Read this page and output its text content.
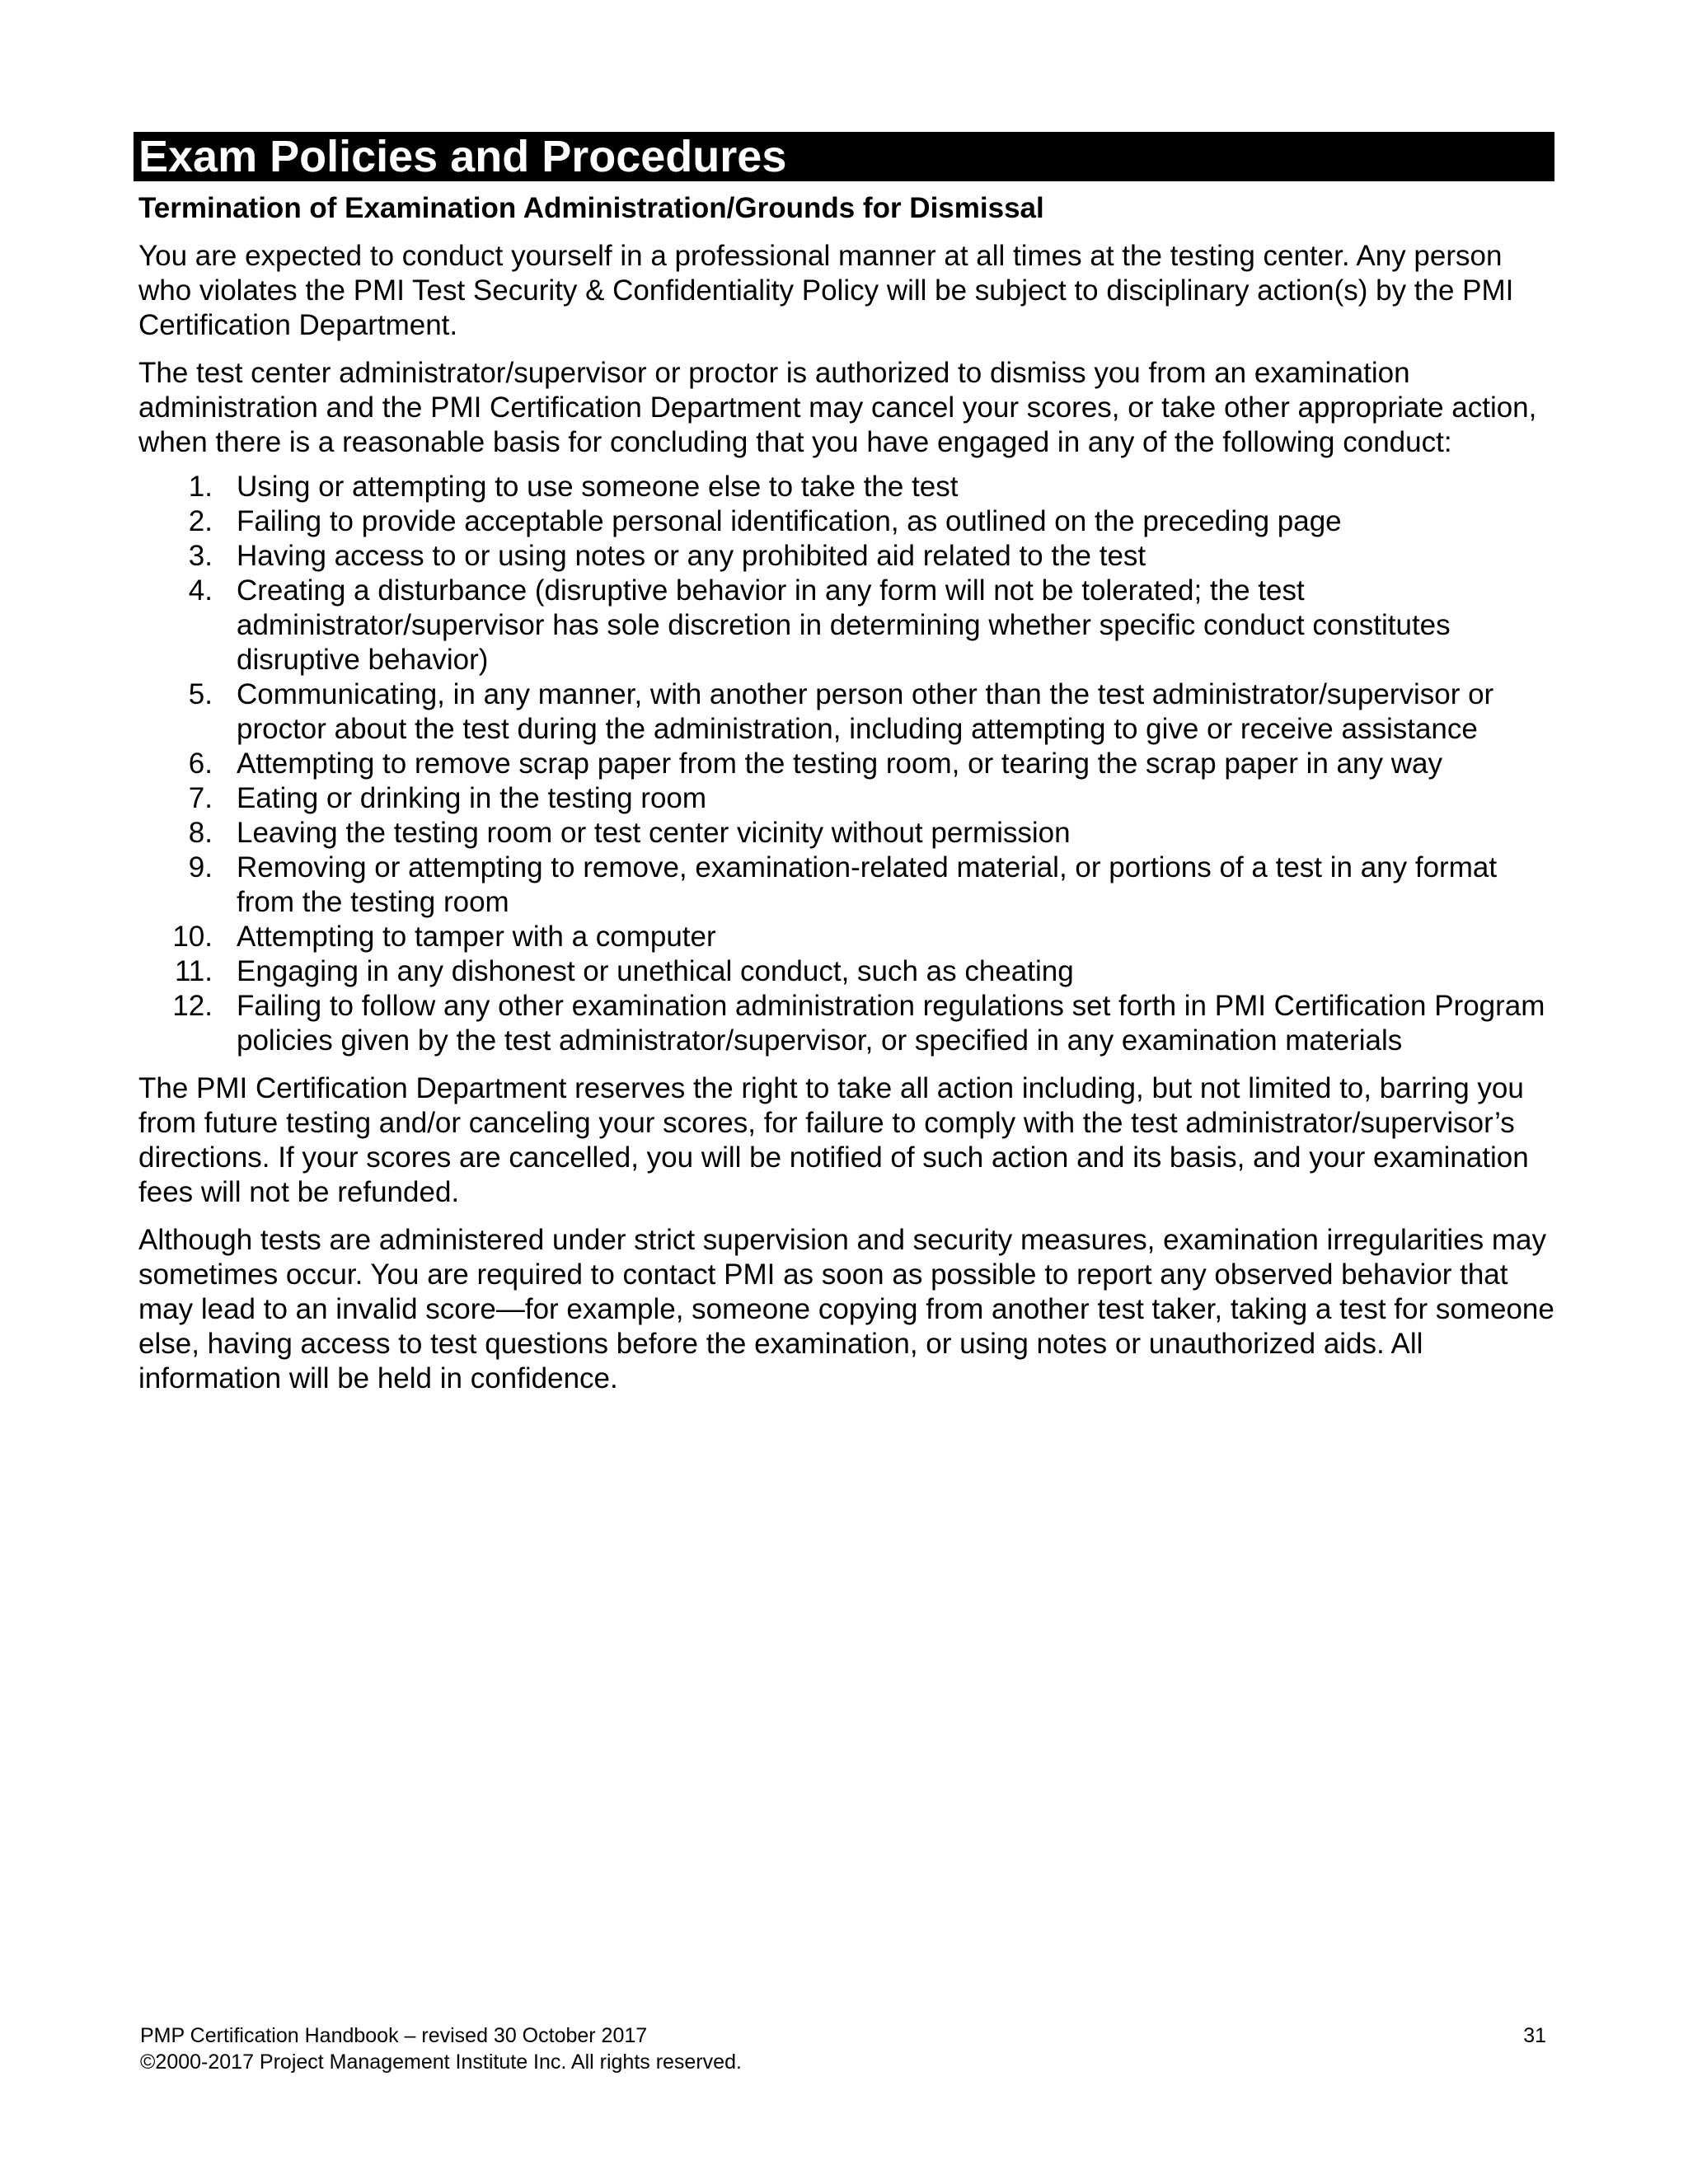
Exam Policies and Procedures
Termination of Examination Administration/Grounds for Dismissal

You are expected to conduct yourself in a professional manner at all times at the testing center. Any person who violates the PMI Test Security & Confidentiality Policy will be subject to disciplinary action(s) by the PMI Certification Department.

The test center administrator/supervisor or proctor is authorized to dismiss you from an examination administration and the PMI Certification Department may cancel your scores, or take other appropriate action, when there is a reasonable basis for concluding that you have engaged in any of the following conduct:

1. Using or attempting to use someone else to take the test
2. Failing to provide acceptable personal identification, as outlined on the preceding page
3. Having access to or using notes or any prohibited aid related to the test
4. Creating a disturbance (disruptive behavior in any form will not be tolerated; the test administrator/supervisor has sole discretion in determining whether specific conduct constitutes disruptive behavior)
5. Communicating, in any manner, with another person other than the test administrator/supervisor or proctor about the test during the administration, including attempting to give or receive assistance
6. Attempting to remove scrap paper from the testing room, or tearing the scrap paper in any way
7. Eating or drinking in the testing room
8. Leaving the testing room or test center vicinity without permission
9. Removing or attempting to remove, examination-related material, or portions of a test in any format from the testing room
10. Attempting to tamper with a computer
11. Engaging in any dishonest or unethical conduct, such as cheating
12. Failing to follow any other examination administration regulations set forth in PMI Certification Program policies given by the test administrator/supervisor, or specified in any examination materials

The PMI Certification Department reserves the right to take all action including, but not limited to, barring you from future testing and/or canceling your scores, for failure to comply with the test administrator/supervisor’s directions. If your scores are cancelled, you will be notified of such action and its basis, and your examination fees will not be refunded.

Although tests are administered under strict supervision and security measures, examination irregularities may sometimes occur. You are required to contact PMI as soon as possible to report any observed behavior that may lead to an invalid score—for example, someone copying from another test taker, taking a test for someone else, having access to test questions before the examination, or using notes or unauthorized aids. All information will be held in confidence.

PMP Certification Handbook – revised 30 October 2017
©2000-2017 Project Management Institute Inc. All rights reserved.
31
